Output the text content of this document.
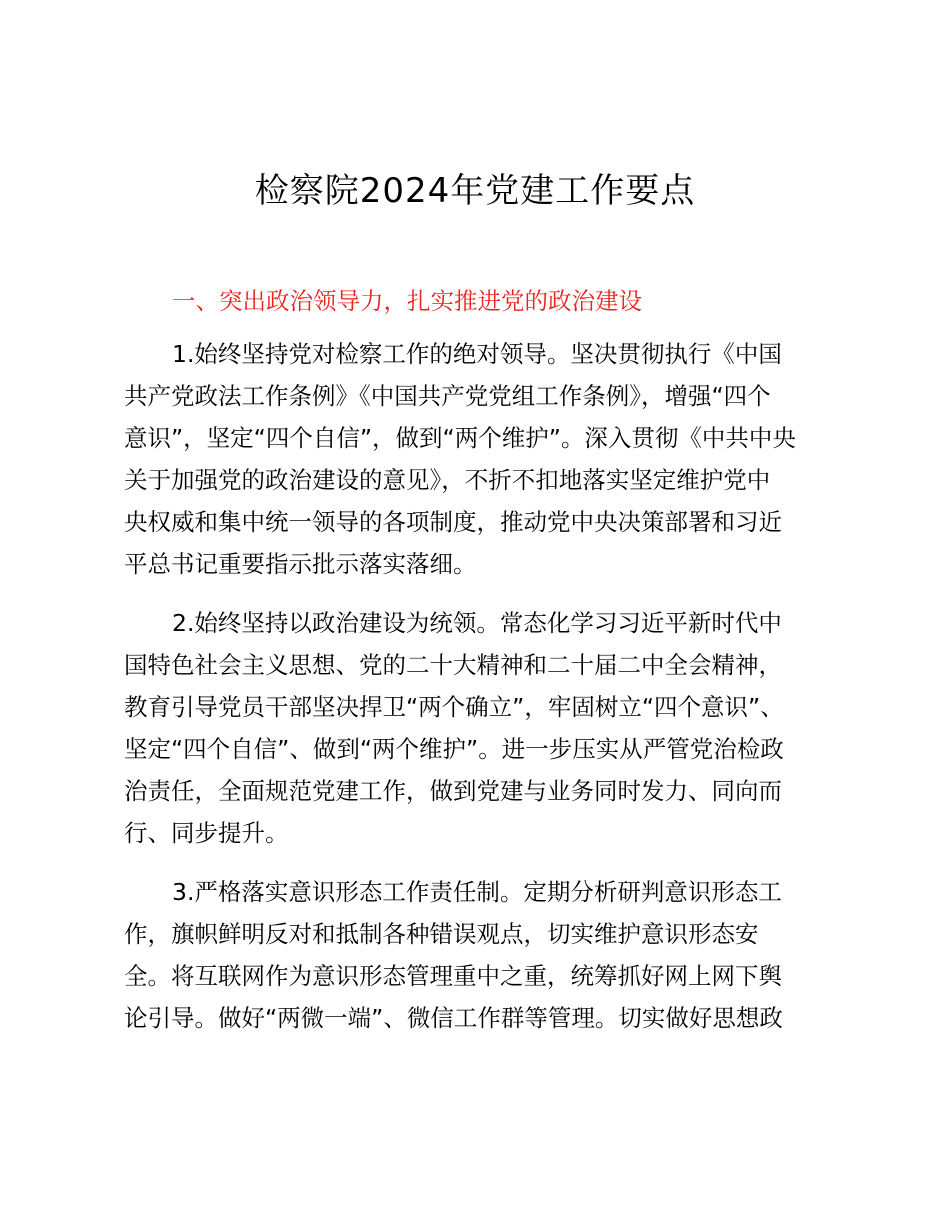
检察院2024年党建工作要点
一、突出政治领导力，扎实推进党的政治建设
1.始终坚持党对检察工作的绝对领导。坚决贯彻执行《中国
共产党政法工作条例》《中国共产党党组工作条例》，增强“四个
意识”，坚定“四个自信”，做到“两个维护”。深入贯彻《中共中央
关于加强党的政治建设的意见》，不折不扣地落实坚定维护党中
央权威和集中统一领导的各项制度，推动党中央决策部署和习近
平总书记重要指示批示落实落细。
2.始终坚持以政治建设为统领。常态化学习习近平新时代中
国特色社会主义思想、党的二十大精神和二十届二中全会精神，
教育引导党员干部坚决捍卫“两个确立”，牢固树立“四个意识”、
坚定“四个自信”、做到“两个维护”。进一步压实从严管党治检政
治责任，全面规范党建工作，做到党建与业务同时发力、同向而
行、同步提升。
3.严格落实意识形态工作责任制。定期分析研判意识形态工
作，旗帜鲜明反对和抵制各种错误观点，切实维护意识形态安
全。将互联网作为意识形态管理重中之重，统筹抓好网上网下舆
论引导。做好“两微一端”、微信工作群等管理。切实做好思想政
